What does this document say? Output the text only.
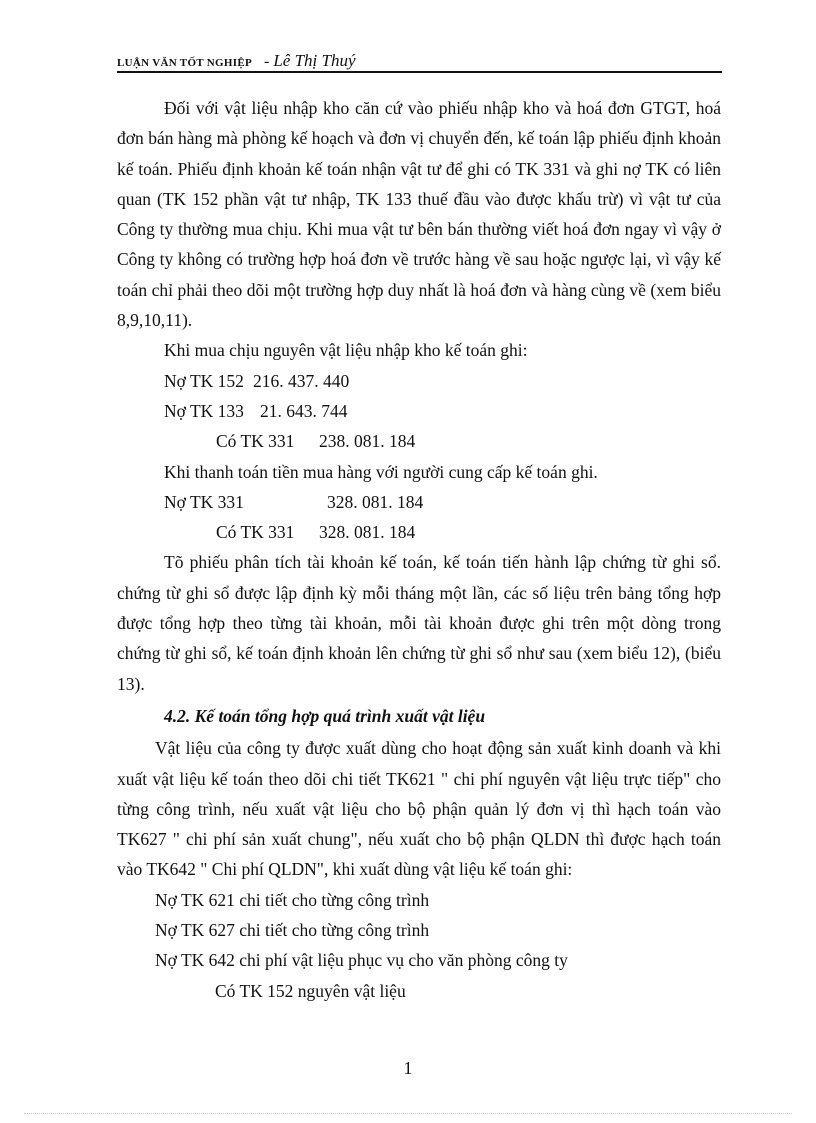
LUẬN VĂN TỐT NGHIỆP - Lê Thị Thuý

Đối với vật liệu nhập kho căn cứ vào phiếu nhập kho và hoá đơn GTGT, hoá đơn bán hàng mà phòng kế hoạch và đơn vị chuyển đến, kế toán lập phiếu định khoản kế toán. Phiếu định khoản kế toán nhận vật tư để ghi có TK 331 và ghi nợ TK có liên quan (TK 152 phần vật tư nhập, TK 133 thuế đầu vào được khấu trừ) vì vật tư của Công ty thường mua chịu. Khi mua vật tư bên bán thường viết hoá đơn ngay vì vậy ở Công ty không có trường hợp hoá đơn về trước hàng về sau hoặc ngược lại, vì vậy kế toán chỉ phải theo dõi một trường hợp duy nhất là hoá đơn và hàng cùng về (xem biểu 8,9,10,11).

Khi mua chịu nguyên vật liệu nhập kho kế toán ghi:

Nợ TK 152 216. 437. 440
Nợ TK 133 21. 643. 744
Có TK 331 238. 081. 184

Khi thanh toán tiền mua hàng với người cung cấp kế toán ghi.

Nợ TK 331	328. 081. 184
Có TK 331 328. 081. 184

Tõ phiếu phân tích tài khoản kế toán, kế toán tiến hành lập chứng từ ghi sổ. chứng từ ghi sổ được lập định kỳ mỗi tháng một lần, các số liệu trên bảng tổng hợp được tổng hợp theo từng tài khoản, mỗi tài khoản được ghi trên một dòng trong chứng từ ghi sổ, kế toán định khoản lên chứng từ ghi sổ như sau (xem biểu 12), (biểu 13).

4.2. Kế toán tổng hợp quá trình xuất vật liệu

Vật liệu của công ty được xuất dùng cho hoạt động sản xuất kinh doanh và khi xuất vật liệu kế toán theo dõi chi tiết TK621 " chi phí nguyên vật liệu trực tiếp" cho từng công trình, nếu xuất vật liệu cho bộ phận quản lý đơn vị thì hạch toán vào TK627 " chi phí sản xuất chung", nếu xuất cho bộ phận QLDN thì được hạch toán vào TK642 " Chi phí QLDN", khi xuất dùng vật liệu kế toán ghi:

Nợ TK 621 chi tiết cho từng công trình
Nợ TK 627 chi tiết cho từng công trình
Nợ TK 642 chi phí vật liệu phục vụ cho văn phòng công ty
Có TK 152 nguyên vật liệu
1
